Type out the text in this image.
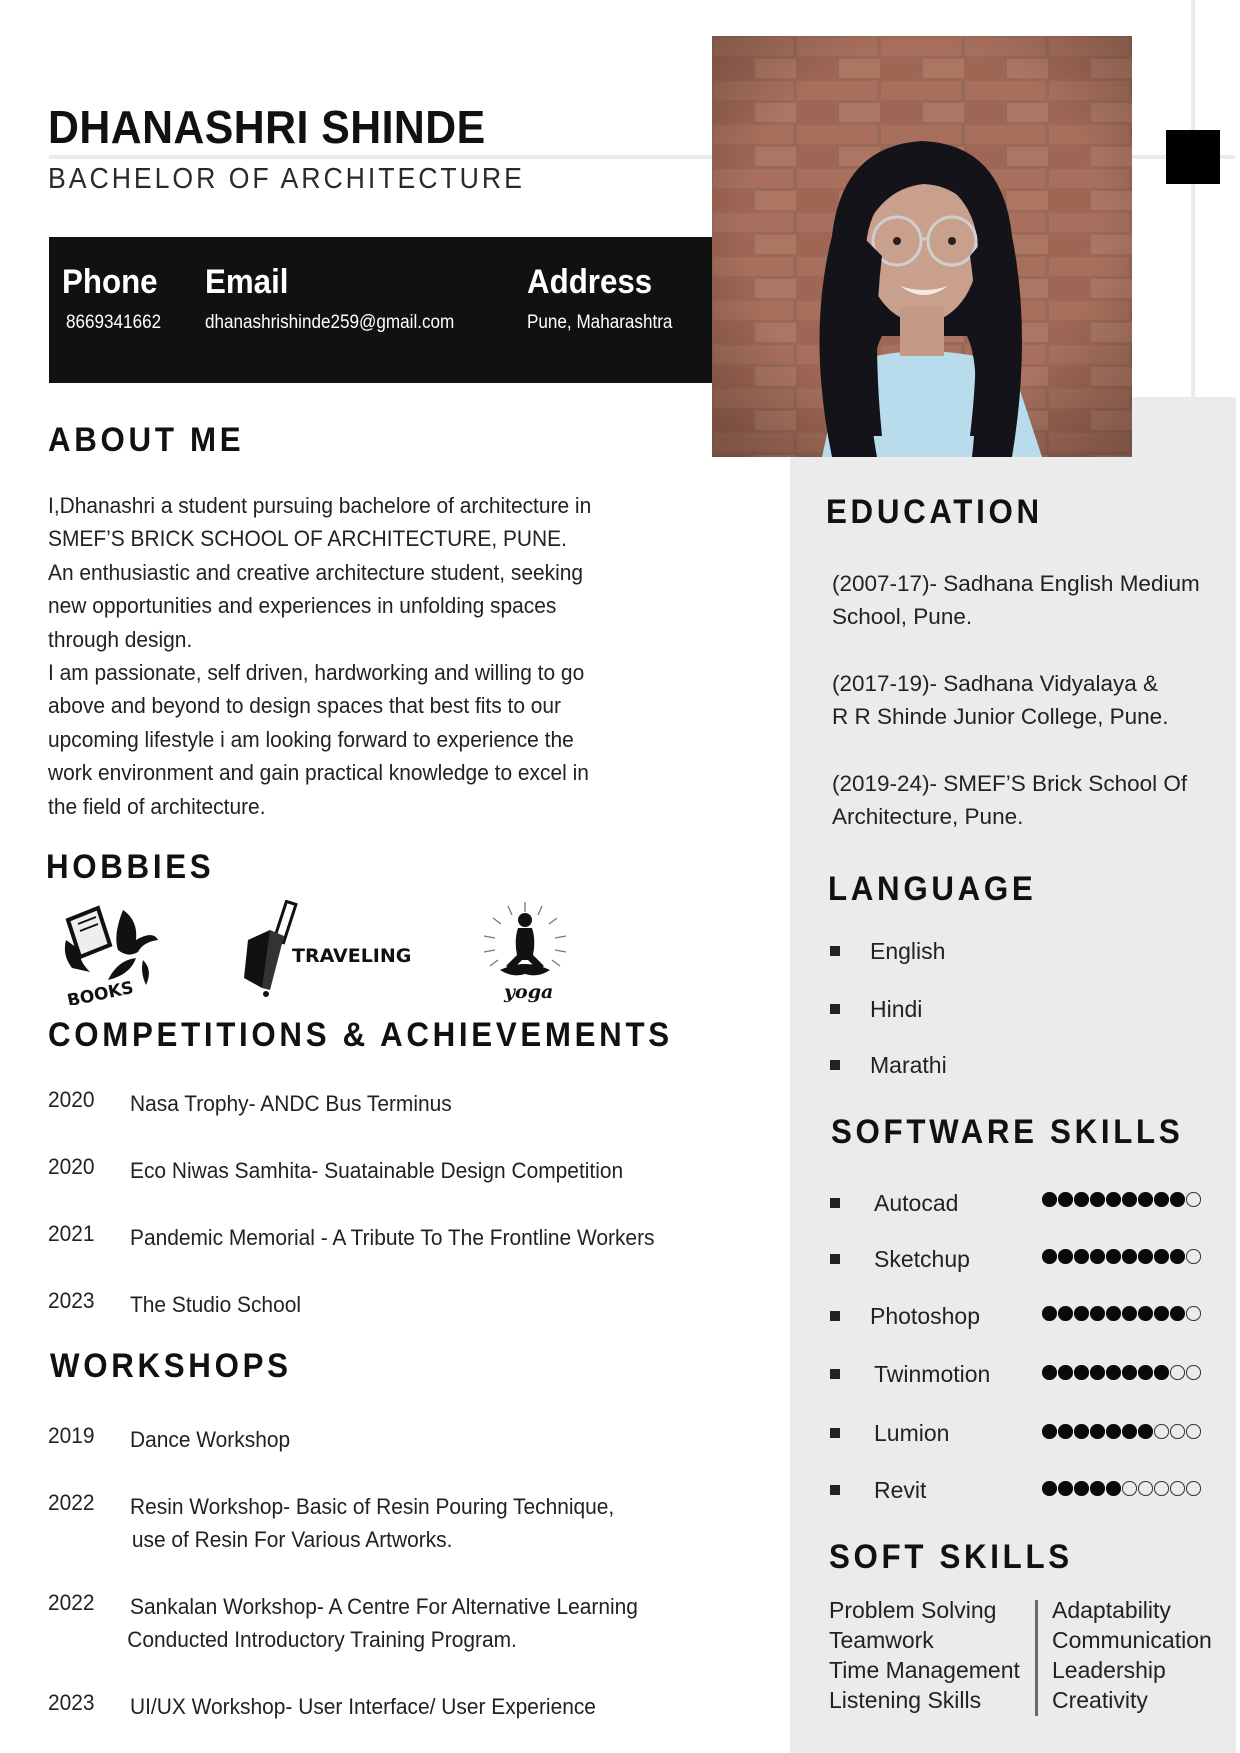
DHANASHRI SHINDE
BACHELOR OF ARCHITECTURE
Phone
8669341662
Email
dhanashrishinde259@gmail.com
Address
Pune, Maharashtra
ABOUT ME

I,Dhanashri a student pursuing bachelore of architecture in

SMEF’S BRICK SCHOOL OF ARCHITECTURE, PUNE.

An enthusiastic and creative architecture student, seeking

new opportunities and experiences in unfolding spaces

through design.

I am passionate, self driven, hardworking and willing to go

above and beyond to design spaces that best fits to our

upcoming lifestyle i am looking forward to experience the

work environment and gain practical knowledge to excel in

the field of architecture.

HOBBIES
BOOKS
TRAVELING
yoga
COMPETITIONS & ACHIEVEMENTS
2020 Nasa Trophy- ANDC Bus Terminus
2020 Eco Niwas Samhita- Suatainable Design Competition
2021 Pandemic Memorial - A Tribute To The Frontline Workers
2023 The Studio School
WORKSHOPS
2019 Dance Workshop
2022 Resin Workshop- Basic of Resin Pouring Technique,
use of Resin For Various Artworks.
2022 Sankalan Workshop- A Centre For Alternative Learning
Conducted Introductory Training Program.
2023 UI/UX Workshop- User Interface/ User Experience
EDUCATION
(2007-17)- Sadhana English Medium
School, Pune.
(2017-19)- Sadhana Vidyalaya &
R R Shinde Junior College, Pune.
(2019-24)- SMEF’S Brick School Of
Architecture, Pune.
LANGUAGE
English
Hindi
Marathi
SOFTWARE SKILLS
Autocad
Sketchup
Photoshop
Twinmotion
Lumion
Revit
SOFT SKILLS
Problem Solving
Teamwork
Time Management
Listening Skills
Adaptability
Communication
Leadership
Creativity
